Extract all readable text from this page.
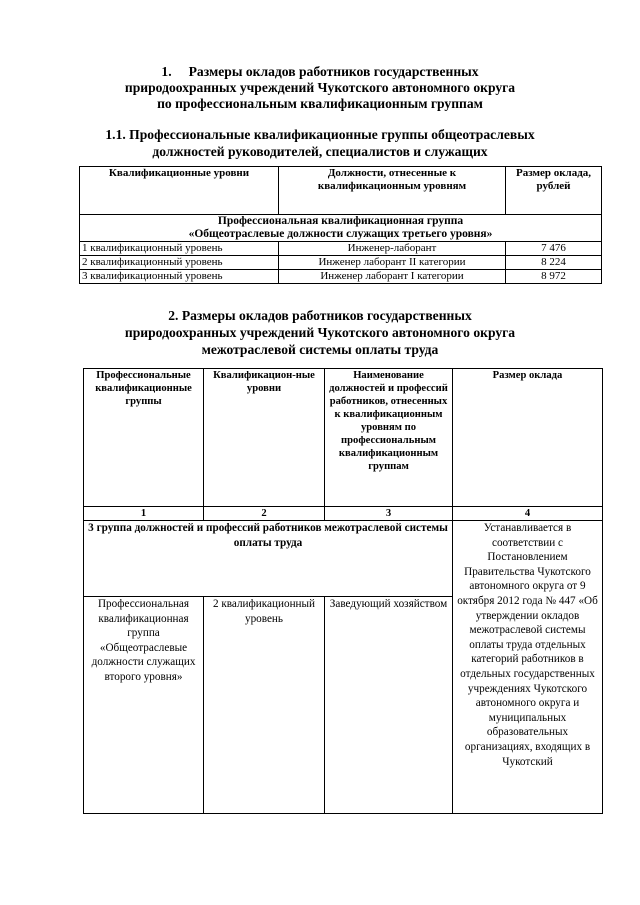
1. Размеры окладов работников государственных
природоохранных учреждений Чукотского автономного округа
по профессиональным квалификационным группам
1.1. Профессиональные квалификационные группы общеотраслевых
должностей руководителей, специалистов и служащих
Квалификационные уровни	Должности, отнесенные к квалификационным уровням	Размер оклада, рублей

Профессиональная квалификационная группа
«Общеотраслевые должности служащих третьего уровня»		

1 квалификационный уровень	Инженер-лаборант	7 476
2 квалификационный уровень	Инженер лаборант II категории	8 224
3 квалификационный уровень	Инженер лаборант I категории	8 972
2. Размеры окладов работников государственных
природоохранных учреждений Чукотского автономного округа
межотраслевой системы оплаты труда
Профессиональные квалификационные группы	Квалификацион-ные уровни	Наименование должностей и профессий работников, отнесенных к квалификационным уровням по профессиональным квалификационным группам	Размер оклада
1	2	3	4
3 группа должностей и профессий работников межотраслевой системы оплаты труда			Устанавливается в соответствии с Постановлением Правительства Чукотского автономного округа от 9 октября 2012 года № 447 «Об утверждении окладов межотраслевой системы оплаты труда отдельных категорий работников в отдельных государственных учреждениях Чукотского автономного округа и муниципальных образовательных организациях, входящих в Чукотский
Профессиональная квалификационная группа «Общеотраслевые должности служащих второго уровня»	2 квалификационный уровень	Заведующий хозяйством	
